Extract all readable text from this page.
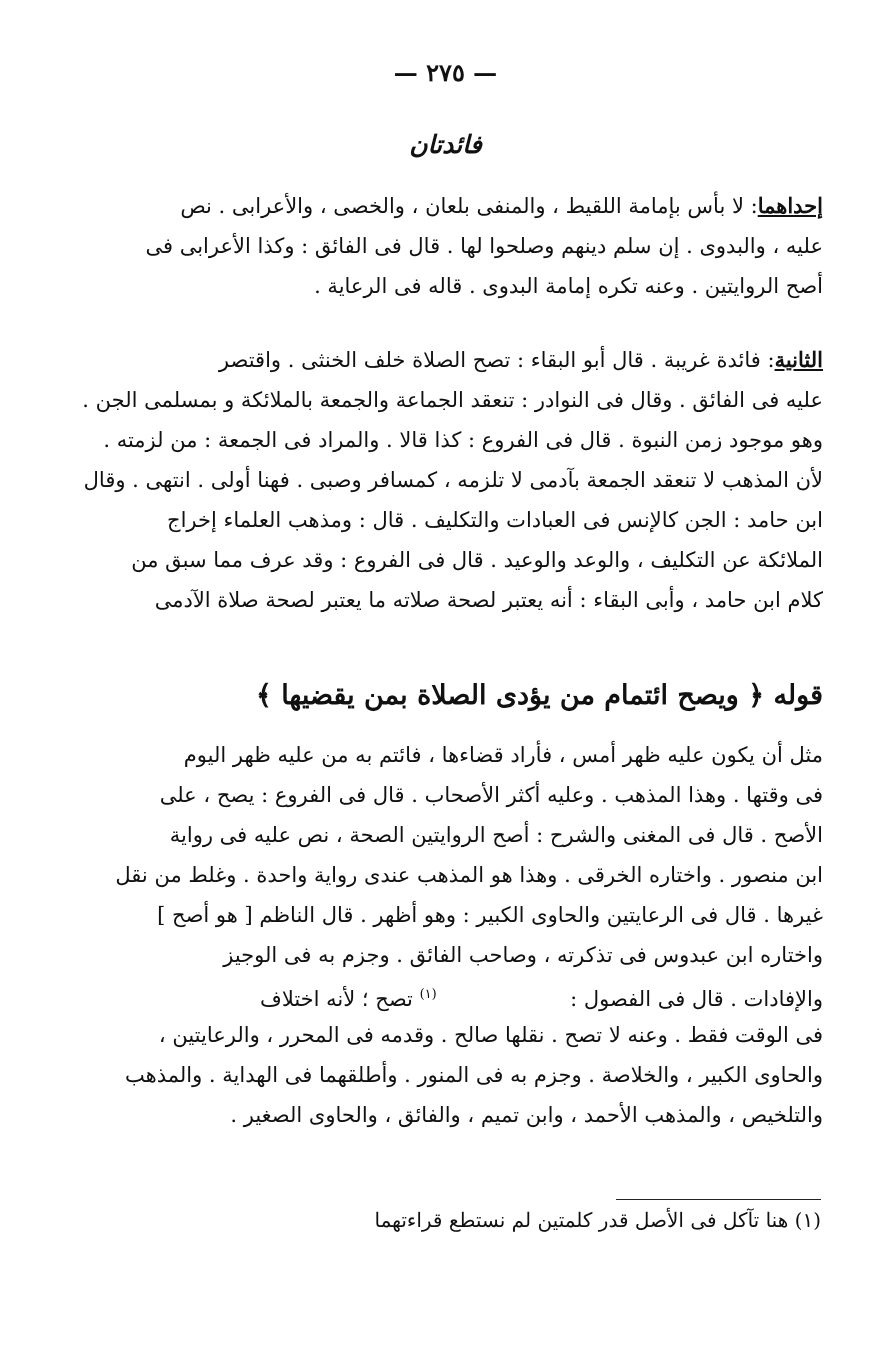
— ٢٧٥ —
فائدتان
إحداهما: لا بأس بإمامة اللقيط ، والمنفى بلعان ، والخصى ، والأعرابى . نص
عليه ، والبدوى . إن سلم دينهم وصلحوا لها . قال فى الفائق : وكذا الأعرابى فى
أصح الروايتين . وعنه تكره إمامة البدوى . قاله فى الرعاية .
الثانية: فائدة غريبة . قال أبو البقاء : تصح الصلاة خلف الخنثى . واقتصر
عليه فى الفائق . وقال فى النوادر : تنعقد الجماعة والجمعة بالملائكة و بمسلمى الجن .
وهو موجود زمن النبوة . قال فى الفروع : كذا قالا . والمراد فى الجمعة : من لزمته .
لأن المذهب لا تنعقد الجمعة بآدمى لا تلزمه ، كمسافر وصبى . فهنا أولى . انتهى . وقال
ابن حامد : الجن كالإنس فى العبادات والتكليف . قال : ومذهب العلماء إخراج
الملائكة عن التكليف ، والوعد والوعيد . قال فى الفروع : وقد عرف مما سبق من
كلام ابن حامد ، وأبى البقاء : أنه يعتبر لصحة صلاته ما يعتبر لصحة صلاة الآدمى
قوله ﴿ ويصح ائتمام من يؤدى الصلاة بمن يقضيها ﴾
مثل أن يكون عليه ظهر أمس ، فأراد قضاءها ، فائتم به من عليه ظهر اليوم
فى وقتها . وهذا المذهب . وعليه أكثر الأصحاب . قال فى الفروع : يصح ، على
الأصح . قال فى المغنى والشرح : أصح الروايتين الصحة ، نص عليه فى رواية
ابن منصور . واختاره الخرقى . وهذا هو المذهب عندى رواية واحدة . وغلط من نقل
غيرها . قال فى الرعايتين والحاوى الكبير : وهو أظهر . قال الناظم [ هو أصح ]
واختاره ابن عبدوس فى تذكرته ، وصاحب الفائق . وجزم به فى الوجيز
والإفادات . قال فى الفصول :  $^{(١)}$ تصح ؛ لأنه اختلاف
فى الوقت فقط . وعنه لا تصح . نقلها صالح . وقدمه فى المحرر ، والرعايتين ،
والحاوى الكبير ، والخلاصة . وجزم به فى المنور . وأطلقهما فى الهداية . والمذهب
والتلخيص ، والمذهب الأحمد ، وابن تميم ، والفائق ، والحاوى الصغير .
(١) هنا تآكل فى الأصل قدر كلمتين لم نستطع قراءتهما
